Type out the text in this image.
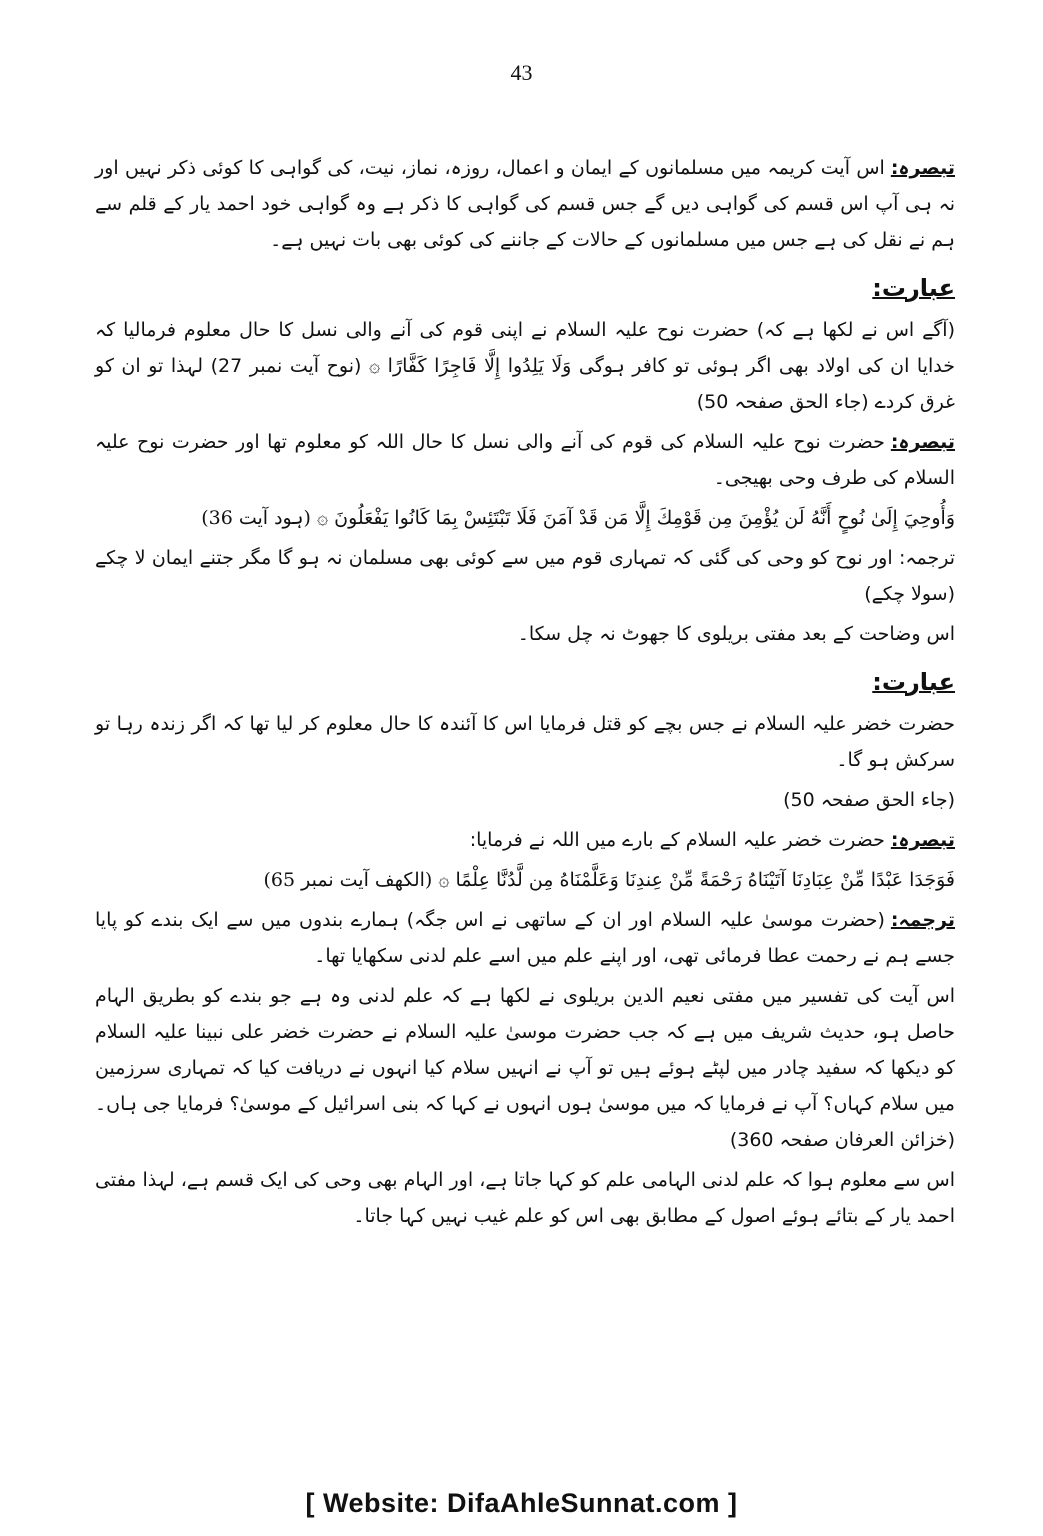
43

تبصرہ:اس آیت کریمہ میں مسلمانوں کے ایمان و اعمال، روزہ، نماز، نیت، کی گواہی کا کوئی ذکر نہیں اور نہ ہی آپ اس قسم کی گواہی دیں گے جس قسم کی گواہی کا ذکر ہے وہ گواہی خود احمد یار کے قلم سے ہم نے نقل کی ہے جس میں مسلمانوں کے حالات کے جاننے کی کوئی بھی بات نہیں ہے۔

عبارت:

(آگے اس نے لکھا ہے کہ) حضرت نوح علیہ السلام نے اپنی قوم کی آنے والی نسل کا حال معلوم فرمالیا کہ خدایا ان کی اولاد بھی اگر ہوئی تو کافر ہوگی وَلَا يَلِدُوا إِلَّا فَاجِرًا كَفَّارًا ۞ (نوح آیت نمبر 27) لہذا تو ان کو غرق کردے (جاء الحق صفحہ 50)

تبصرہ:حضرت نوح علیہ السلام کی قوم کی آنے والی نسل کا حال اللہ کو معلوم تھا اور حضرت نوح علیہ السلام کی طرف وحی بھیجی۔

وَأُوحِيَ إِلَىٰ نُوحٍ أَنَّهُ لَن يُؤْمِنَ مِن قَوْمِكَ إِلَّا مَن قَدْ آمَنَ فَلَا تَبْتَئِسْ بِمَا كَانُوا يَفْعَلُونَ ۞ (ہود آیت 36)

ترجمہ: اور نوح کو وحی کی گئی کہ تمہاری قوم میں سے کوئی بھی مسلمان نہ ہو گا مگر جتنے ایمان لا چکے (سولا چکے)

اس وضاحت کے بعد مفتی بریلوی کا جھوٹ نہ چل سکا۔

عبارت:

حضرت خضر علیہ السلام نے جس بچے کو قتل فرمایا اس کا آئندہ کا حال معلوم کر لیا تھا کہ اگر زندہ رہا تو سرکش ہو گا۔

(جاء الحق صفحہ 50)

تبصرہ:حضرت خضر علیہ السلام کے بارے میں اللہ نے فرمایا:

فَوَجَدَا عَبْدًا مِّنْ عِبَادِنَا آتَيْنَاهُ رَحْمَةً مِّنْ عِندِنَا وَعَلَّمْنَاهُ مِن لَّدُنَّا عِلْمًا ۞ (الکھف آیت نمبر 65)

ترجمہ:(حضرت موسیٰ علیہ السلام اور ان کے ساتھی نے اس جگہ) ہمارے بندوں میں سے ایک بندے کو پایا جسے ہم نے رحمت عطا فرمائی تھی، اور اپنے علم میں اسے علم لدنی سکھایا تھا۔

اس آیت کی تفسیر میں مفتی نعیم الدین بریلوی نے لکھا ہے کہ علم لدنی وہ ہے جو بندے کو بطریق الہام حاصل ہو، حدیث شریف میں ہے کہ جب حضرت موسیٰ علیہ السلام نے حضرت خضر علی نبینا علیہ السلام کو دیکھا کہ سفید چادر میں لپٹے ہوئے ہیں تو آپ نے انہیں سلام کیا انہوں نے دریافت کیا کہ تمہاری سرزمین میں سلام کہاں؟ آپ نے فرمایا کہ میں موسیٰ ہوں انہوں نے کہا کہ بنی اسرائیل کے موسیٰ؟ فرمایا جی ہاں۔ (خزائن العرفان صفحہ 360)

اس سے معلوم ہوا کہ علم لدنی الہامی علم کو کہا جاتا ہے، اور الہام بھی وحی کی ایک قسم ہے، لہذا مفتی احمد یار کے بتائے ہوئے اصول کے مطابق بھی اس کو علم غیب نہیں کہا جاتا۔

[ Website: DifaAhleSunnat.com ]
